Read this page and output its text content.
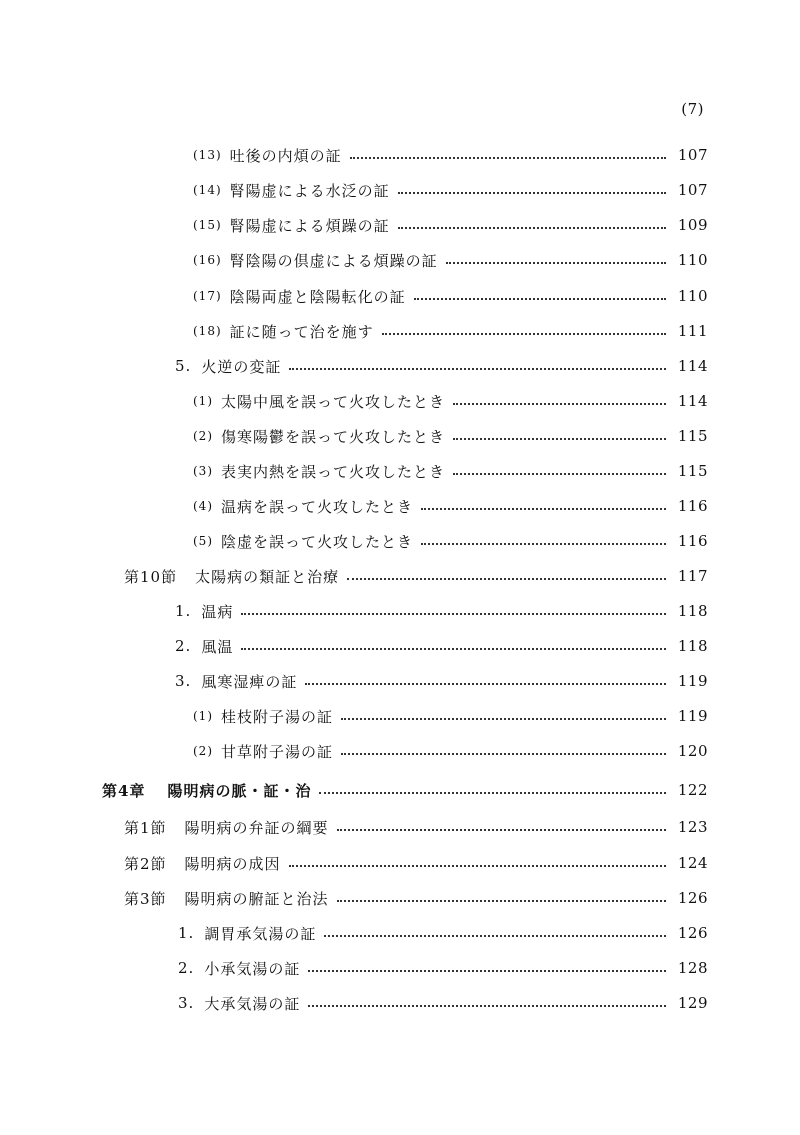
(7)
(13) 吐後の内煩の証	107
(14) 腎陽虚による水泛の証	107
(15) 腎陽虚による煩躁の証	109
(16) 腎陰陽の倶虚による煩躁の証	110
(17) 陰陽両虚と陰陽転化の証	110
(18) 証に随って治を施す	111
5. 火逆の変証	114
(1) 太陽中風を誤って火攻したとき	114
(2) 傷寒陽鬱を誤って火攻したとき	115
(3) 表実内熱を誤って火攻したとき	115
(4) 温病を誤って火攻したとき	116
(5) 陰虚を誤って火攻したとき	116
第10節 太陽病の類証と治療	117
1. 温病	118
2. 風温	118
3. 風寒湿痺の証	119
(1) 桂枝附子湯の証	119
(2) 甘草附子湯の証	120
第4章 陽明病の脈・証・治	122
第1節 陽明病の弁証の綱要	123
第2節 陽明病の成因	124
第3節 陽明病の腑証と治法	126
1. 調胃承気湯の証	126
2. 小承気湯の証	128
3. 大承気湯の証	129
